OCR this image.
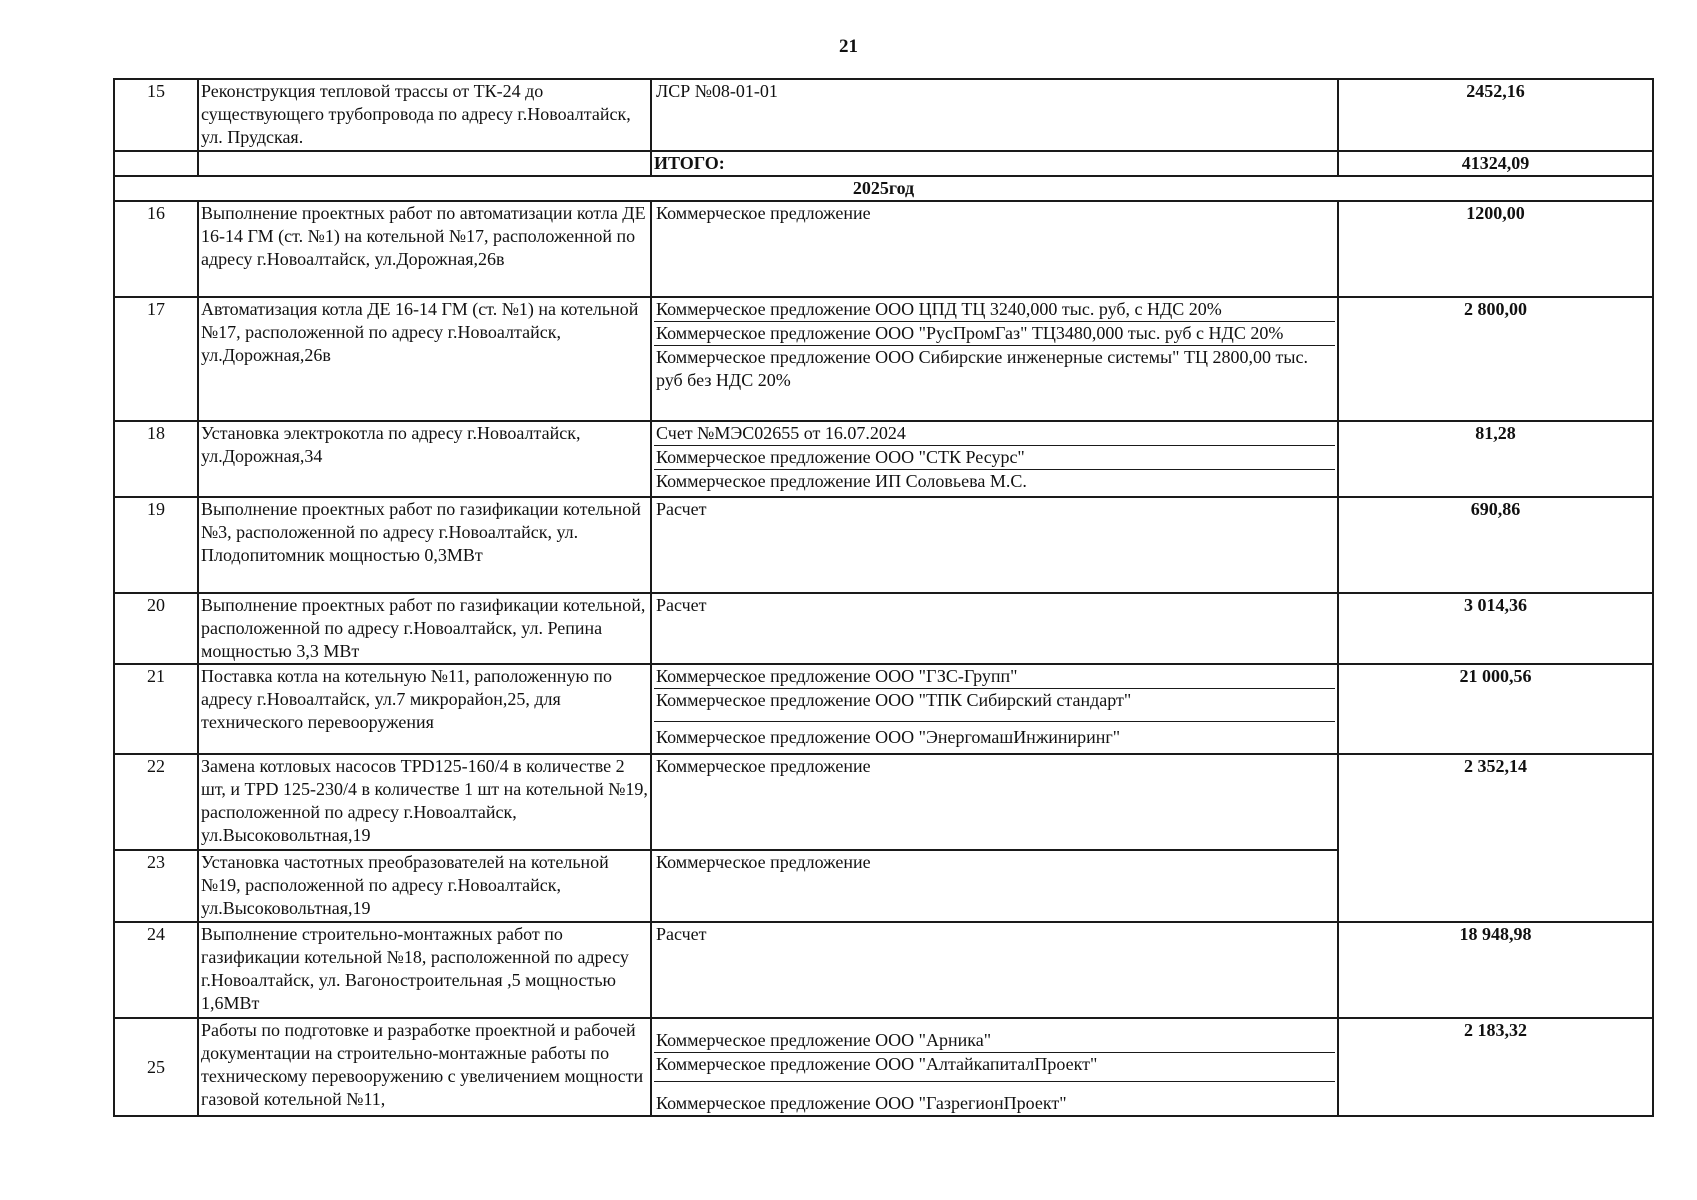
21
15	Реконструкция тепловой трассы от ТК-24 до существующего трубопровода по адресу г.Новоалтайск, ул. Прудская.	ЛСР №08-01-01	2452,16
		ИТОГО:	41324,09
2025год			
16	Выполнение проектных работ по автоматизации котла ДЕ 16-14 ГМ (ст. №1) на котельной №17, расположенной по адресу г.Новоалтайск, ул.Дорожная,26в	Коммерческое предложение	1200,00
17	Автоматизация котла ДЕ 16-14 ГМ (ст. №1) на котельной №17, расположенной по адресу г.Новоалтайск, ул.Дорожная,26в	Коммерческое предложение ООО ЦПД ТЦ 3240,000 тыс. руб, с НДС 20%
Коммерческое предложение ООО "РусПромГаз" ТЦ3480,000 тыс. руб с НДС 20%
Коммерческое предложение ООО Сибирские инженерные системы" ТЦ 2800,00 тыс. руб без НДС 20%	2 800,00
18	Установка электрокотла по адресу г.Новоалтайск, ул.Дорожная,34	Счет №МЭС02655 от 16.07.2024
Коммерческое предложение ООО "СТК Ресурс"
Коммерческое предложение ИП Соловьева М.С.	81,28
19	Выполнение проектных работ по газификации котельной №3, расположенной по адресу г.Новоалтайск, ул. Плодопитомник мощностью 0,3МВт	Расчет	690,86
20	Выполнение проектных работ по газификации котельной, расположенной по адресу г.Новоалтайск, ул. Репина мощностью 3,3 МВт	Расчет	3 014,36
21	Поставка котла на котельную №11, раположенную по адресу г.Новоалтайск, ул.7 микрорайон,25, для технического перевооружения	Коммерческое предложение ООО "ГЗС-Групп"
Коммерческое предложение ООО "ТПК Сибирский стандарт"
Коммерческое предложение ООО "ЭнергомашИнжиниринг"	21 000,56
22	Замена котловых насосов TPD125-160/4 в количестве 2 шт, и TPD 125-230/4 в количестве 1 шт на котельной №19, расположенной по адресу г.Новоалтайск, ул.Высоковольтная,19	Коммерческое предложение	2 352,14
23	Установка частотных преобразователей на котельной №19, расположенной по адресу г.Новоалтайск, ул.Высоковольтная,19	Коммерческое предложение	

24	Выполнение строительно-монтажных работ по газификации котельной №18, расположенной по адресу г.Новоалтайск, ул. Вагоностроительная ,5 мощностью 1,6МВт	Расчет	18 948,98
25	Работы по подготовке и разработке проектной и рабочей документации на строительно-монтажные работы по техническому перевооружению с увеличением мощности газовой котельной №11,	Коммерческое предложение ООО "Арника"
Коммерческое предложение ООО "АлтайкапиталПроект"
Коммерческое предложение ООО "ГазрегионПроект"	2 183,32
